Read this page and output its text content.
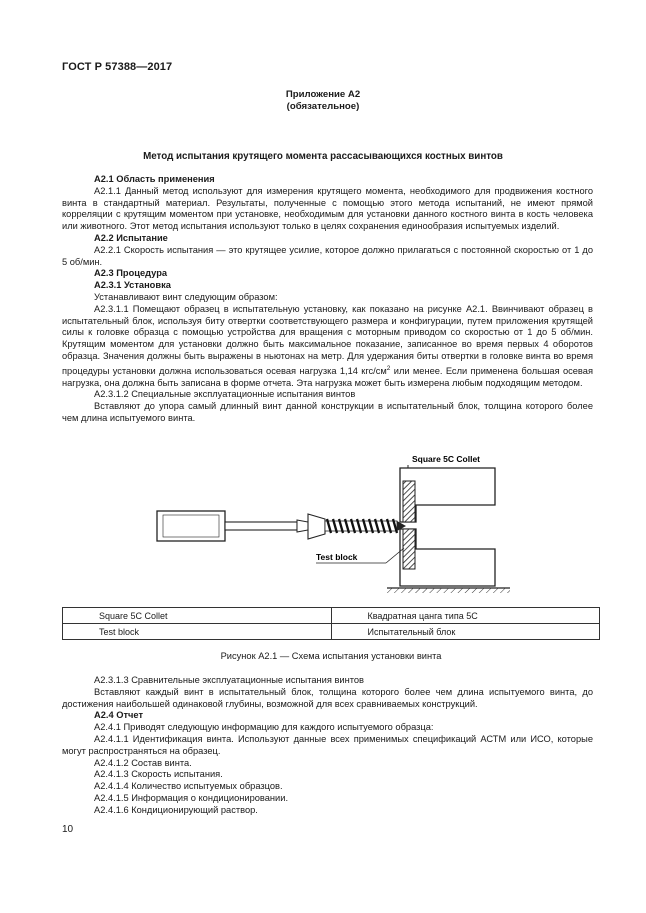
ГОСТ Р 57388—2017
Приложение А2
(обязательное)
Метод испытания крутящего момента рассасывающихся костных винтов

А2.1 Область применения

А2.1.1 Данный метод используют для измерения крутящего момента, необходимого для продвижения костного винта в стандартный материал. Результаты, полученные с помощью этого метода испытаний, не имеют прямой корреляции с крутящим моментом при установке, необходимым для установки данного костного винта в кость человека или животного. Этот метод испытания используют только в целях сохранения единообразия испытуемых изделий.

А2.2 Испытание

А2.2.1 Скорость испытания — это крутящее усилие, которое должно прилагаться с постоянной скоростью от 1 до 5 об/мин.

А2.3 Процедура

А2.3.1 Установка

Устанавливают винт следующим образом:

А2.3.1.1 Помещают образец в испытательную установку, как показано на рисунке А2.1. Ввинчивают образец в испытательный блок, используя биту отвертки соответствующего размера и конфигурации, путем приложения крутящей силы к головке образца с помощью устройства для вращения с моторным приводом со скоростью от 1 до 5 об/мин. Крутящим моментом для установки должно быть максимальное показание, записанное во время первых 4 оборотов образца. Значения должны быть выражены в ньютонах на метр. Для удержания биты отвертки в головке винта во время процедуры установки должна использоваться осевая нагрузка 1,14 кгс/$см^2$ или менее. Если применена большая осевая нагрузка, она должна быть записана в форме отчета. Эта нагрузка может быть измерена любым подходящим методом.

А2.3.1.2 Специальные эксплуатационные испытания винтов

Вставляют до упора самый длинный винт данной конструкции в испытательный блок, толщина которого более чем длина испытуемого винта.

Square 5C Collet
Test block
Square 5C Collet	Квадратная цанга типа 5С
Test block	Испытательный блок
Рисунок А2.1 — Схема испытания установки винта

А2.3.1.3 Сравнительные эксплуатационные испытания винтов

Вставляют каждый винт в испытательный блок, толщина которого более чем длина испытуемого винта, до достижения наибольшей одинаковой глубины, возможной для всех сравниваемых конструкций.

А2.4 Отчет

А2.4.1 Приводят следующую информацию для каждого испытуемого образца:

А2.4.1.1 Идентификация винта. Используют данные всех применимых спецификаций АСТМ или ИСО, которые могут распространяться на образец.

А2.4.1.2 Состав винта.

А2.4.1.3 Скорость испытания.

А2.4.1.4 Количество испытуемых образцов.

А2.4.1.5 Информация о кондиционировании.

А2.4.1.6 Кондиционирующий раствор.

10
